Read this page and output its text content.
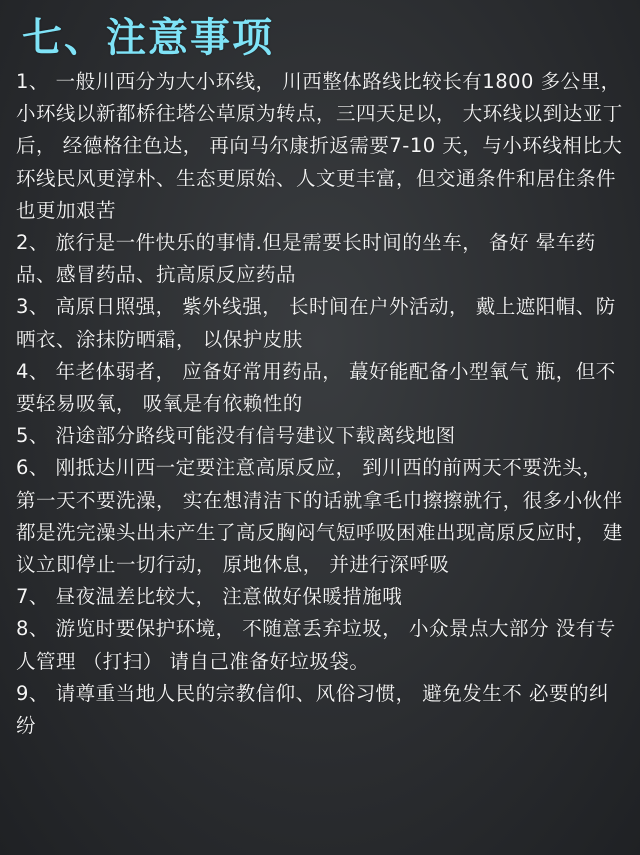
七、注意事项
1、 一般川西分为大小环线， 川西整体路线比较长有1800 多公里， 小环线以新都桥往塔公草原为转点，三四天足以， 大环线以到达亚丁后， 经德格往色达， 再向马尔康折返需要7-10 天，与小环线相比大环线民风更淳朴、生态更原始、人文更丰富，但交通条件和居住条件也更加艰苦
2、 旅行是一件快乐的事情.但是需要长时间的坐车， 备好 晕车药品、感冒药品、抗高原反应药品
3、 高原日照强， 紫外线强， 长时间在户外活动， 戴上遮阳帽、防晒衣、涂抹防晒霜， 以保护皮肤
4、 年老体弱者， 应备好常用药品， 蕞好能配备小型氧气 瓶，但不要轻易吸氧， 吸氧是有依赖性的
5、 沿途部分路线可能没有信号建议下载离线地图
6、 刚抵达川西一定要注意高原反应， 到川西的前两天不要洗头， 第一天不要洗澡， 实在想清洁下的话就拿毛巾擦擦就行，很多小伙伴都是洗完澡头出未产生了高反胸闷气短呼吸困难出现高原反应时， 建议立即停止一切行动， 原地休息， 并进行深呼吸
7、 昼夜温差比较大， 注意做好保暖措施哦
8、 游览时要保护环境， 不随意丢弃垃圾， 小众景点大部分 没有专人管理 （打扫） 请自己准备好垃圾袋。
9、 请尊重当地人民的宗教信仰、风俗习惯， 避免发生不 必要的纠纷
